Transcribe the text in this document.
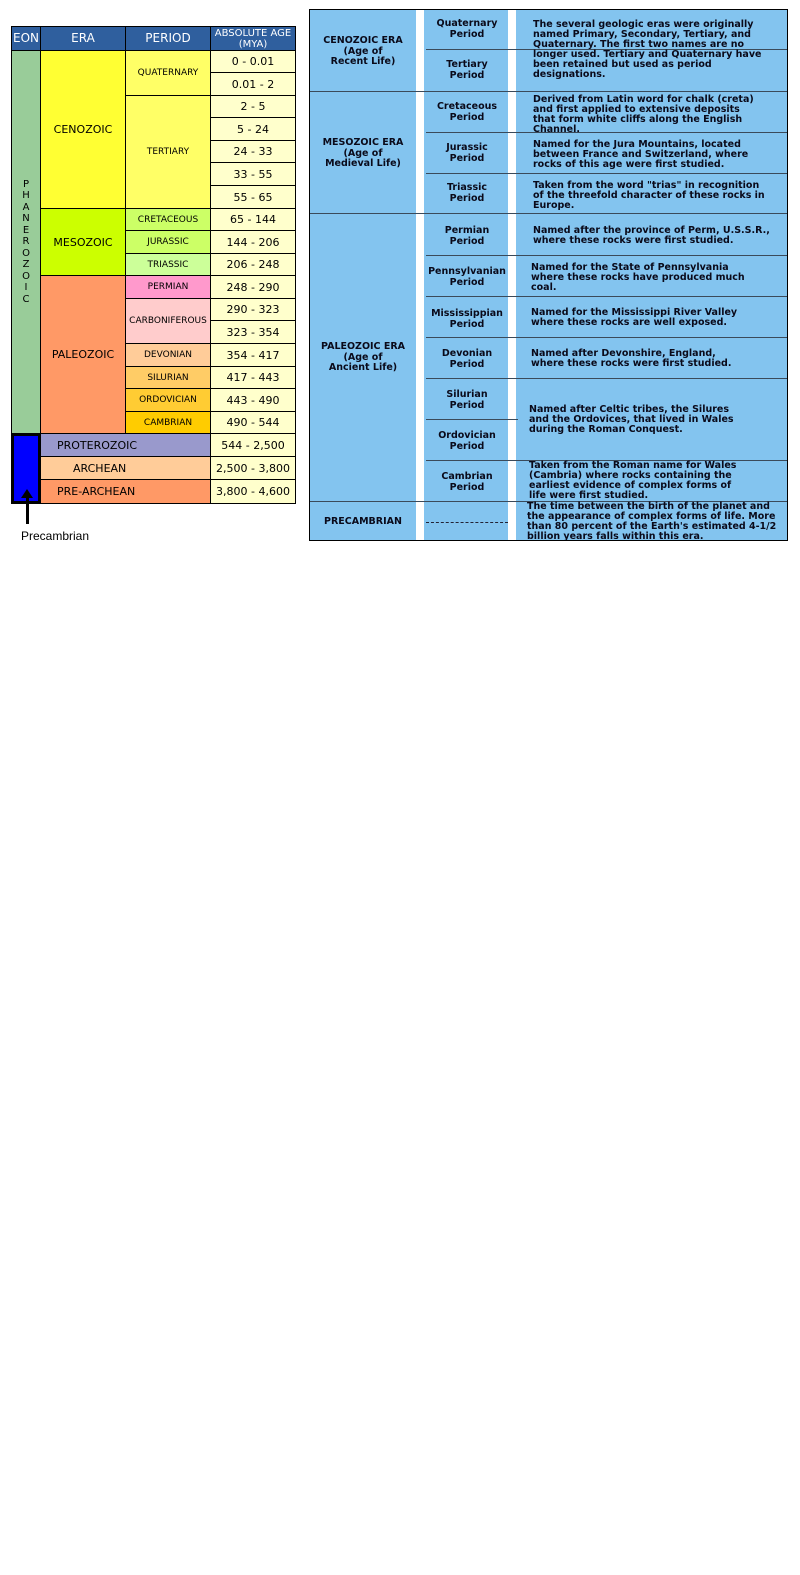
EON	ERA	PERIOD ABSOLUTE AGE
(MYA)
P
H
A
N
E
R
O
Z
O
I
C
CENOZOIC
MESOZOIC
PALEOZOIC
QUATERNARY
TERTIARY
CRETACEOUS
JURASSIC
TRIASSIC
PERMIAN
CARBONIFEROUS
DEVONIAN
SILURIAN
ORDOVICIAN
CAMBRIAN
0 - 0.01
0.01 - 2
2 - 5
5 - 24
24 - 33
33 - 55
55 - 65
65 - 144
144 - 206
206 - 248
248 - 290
290 - 323
323 - 354
354 - 417
417 - 443
443 - 490
490 - 544
PROTEROZOIC
ARCHEAN
PRE-ARCHEAN
544 - 2,500
2,500 - 3,800
3,800 - 4,600
Precambrian
CENOZOIC ERA
(Age of
Recent Life)
MESOZOIC ERA
(Age of
Medieval Life)
PALEOZOIC ERA
(Age of
Ancient Life)
PRECAMBRIAN
Quaternary
Period
Tertiary
Period
Cretaceous
Period
Jurassic
Period
Triassic
Period
Permian
Period
Pennsylvanian
Period
Mississippian
Period
Devonian
Period
Silurian
Period
Ordovician
Period
Cambrian
Period
The several geologic eras were originally
named Primary, Secondary, Tertiary, and
Quaternary. The first two names are no
longer used. Tertiary and Quaternary have
been retained but used as period
designations.
Derived from Latin word for chalk (creta)
and first applied to extensive deposits
that form white cliffs along the English
Channel.
Named for the Jura Mountains, located
between France and Switzerland, where
rocks of this age were first studied.
Taken from the word "trias" in recognition
of the threefold character of these rocks in
Europe.
Named after the province of Perm, U.S.S.R.,
where these rocks were first studied.
Named for the State of Pennsylvania
where these rocks have produced much
coal.
Named for the Mississippi River Valley
where these rocks are well exposed.
Named after Devonshire, England,
where these rocks were first studied.
Named after Celtic tribes, the Silures
and the Ordovices, that lived in Wales
during the Roman Conquest.
Taken from the Roman name for Wales
(Cambria) where rocks containing the
earliest evidence of complex forms of
life were first studied.
The time between the birth of the planet and
the appearance of complex forms of life. More
than 80 percent of the Earth's estimated 4-1/2
billion years falls within this era.
